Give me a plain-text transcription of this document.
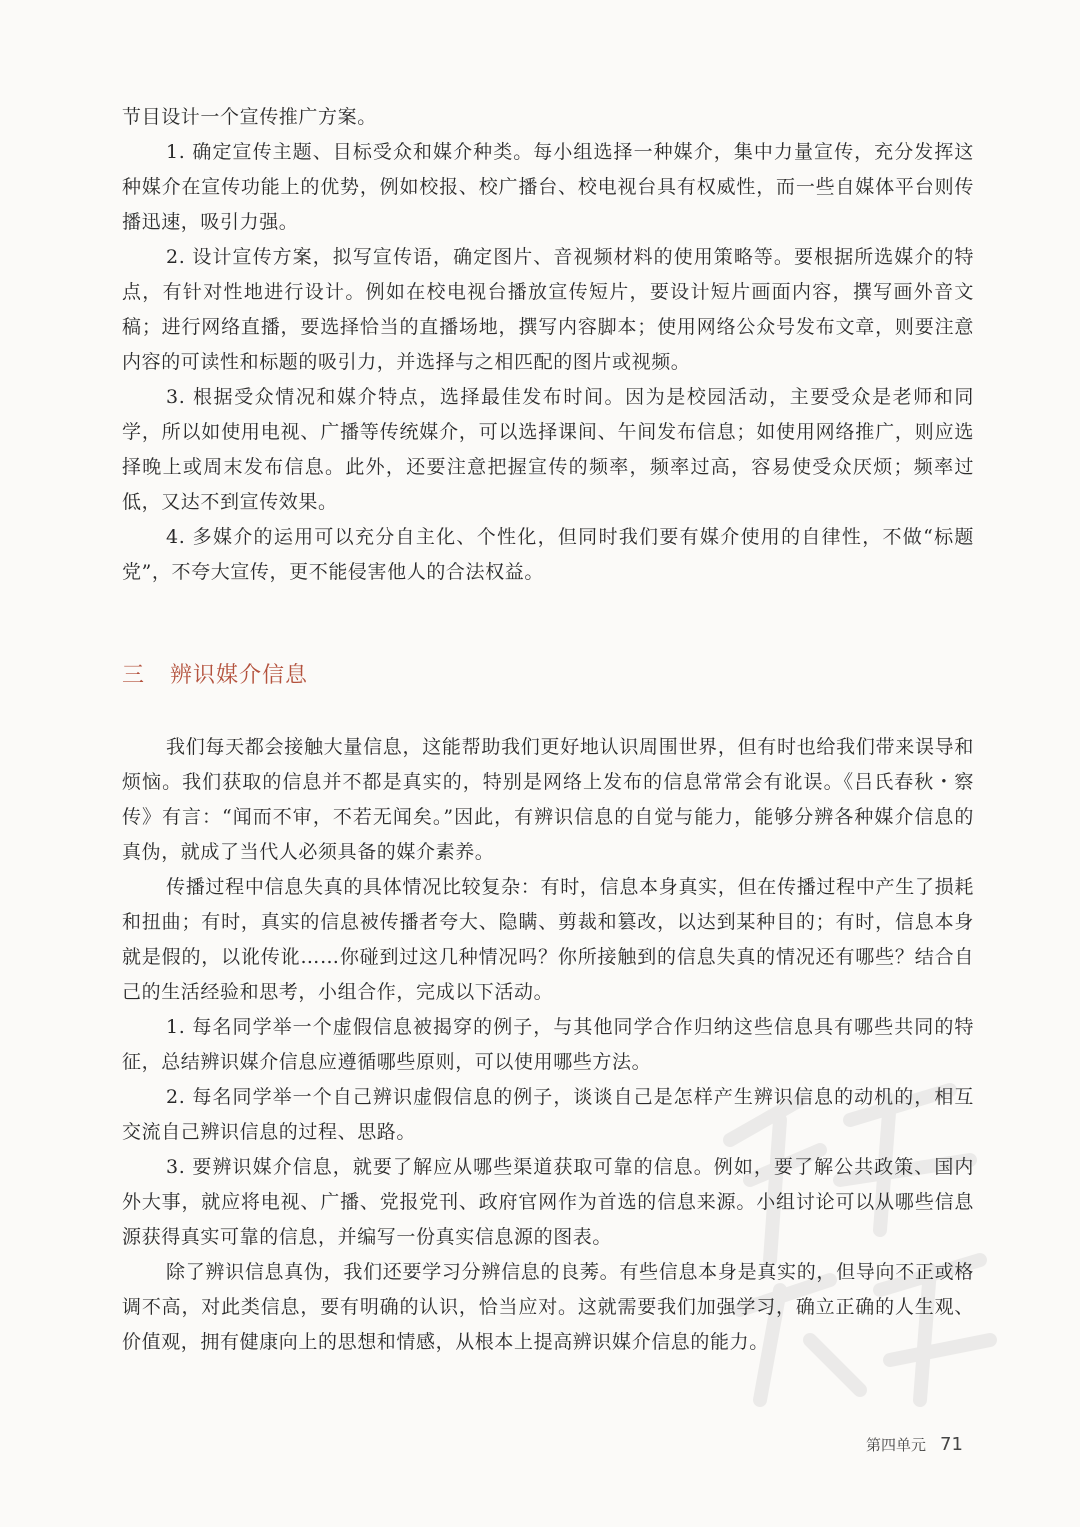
节目设计一个宣传推广方案。

1. 确定宣传主题、目标受众和媒介种类。每小组选择一种媒介，集中力量宣传，充分发挥这种媒介在宣传功能上的优势，例如校报、校广播台、校电视台具有权威性，而一些自媒体平台则传播迅速，吸引力强。

2. 设计宣传方案，拟写宣传语，确定图片、音视频材料的使用策略等。要根据所选媒介的特点，有针对性地进行设计。例如在校电视台播放宣传短片，要设计短片画面内容，撰写画外音文稿；进行网络直播，要选择恰当的直播场地，撰写内容脚本；使用网络公众号发布文章，则要注意内容的可读性和标题的吸引力，并选择与之相匹配的图片或视频。

3. 根据受众情况和媒介特点，选择最佳发布时间。因为是校园活动，主要受众是老师和同学，所以如使用电视、广播等传统媒介，可以选择课间、午间发布信息；如使用网络推广，则应选择晚上或周末发布信息。此外，还要注意把握宣传的频率，频率过高，容易使受众厌烦；频率过低，又达不到宣传效果。

4. 多媒介的运用可以充分自主化、个性化，但同时我们要有媒介使用的自律性，不做“标题党”，不夸大宣传，更不能侵害他人的合法权益。

三 辨识媒介信息

我们每天都会接触大量信息，这能帮助我们更好地认识周围世界，但有时也给我们带来误导和烦恼。我们获取的信息并不都是真实的，特别是网络上发布的信息常常会有讹误。《吕氏春秋・察传》有言：“闻而不审，不若无闻矣。”因此，有辨识信息的自觉与能力，能够分辨各种媒介信息的真伪，就成了当代人必须具备的媒介素养。

传播过程中信息失真的具体情况比较复杂：有时，信息本身真实，但在传播过程中产生了损耗和扭曲；有时，真实的信息被传播者夸大、隐瞒、剪裁和篡改，以达到某种目的；有时，信息本身就是假的，以讹传讹……你碰到过这几种情况吗？你所接触到的信息失真的情况还有哪些？结合自己的生活经验和思考，小组合作，完成以下活动。

1. 每名同学举一个虚假信息被揭穿的例子，与其他同学合作归纳这些信息具有哪些共同的特征，总结辨识媒介信息应遵循哪些原则，可以使用哪些方法。

2. 每名同学举一个自己辨识虚假信息的例子，谈谈自己是怎样产生辨识信息的动机的，相互交流自己辨识信息的过程、思路。

3. 要辨识媒介信息，就要了解应从哪些渠道获取可靠的信息。例如，要了解公共政策、国内外大事，就应将电视、广播、党报党刊、政府官网作为首选的信息来源。小组讨论可以从哪些信息源获得真实可靠的信息，并编写一份真实信息源的图表。

除了辨识信息真伪，我们还要学习分辨信息的良莠。有些信息本身是真实的，但导向不正或格调不高，对此类信息，要有明确的认识，恰当应对。这就需要我们加强学习，确立正确的人生观、价值观，拥有健康向上的思想和情感，从根本上提高辨识媒介信息的能力。

第四单元 71
